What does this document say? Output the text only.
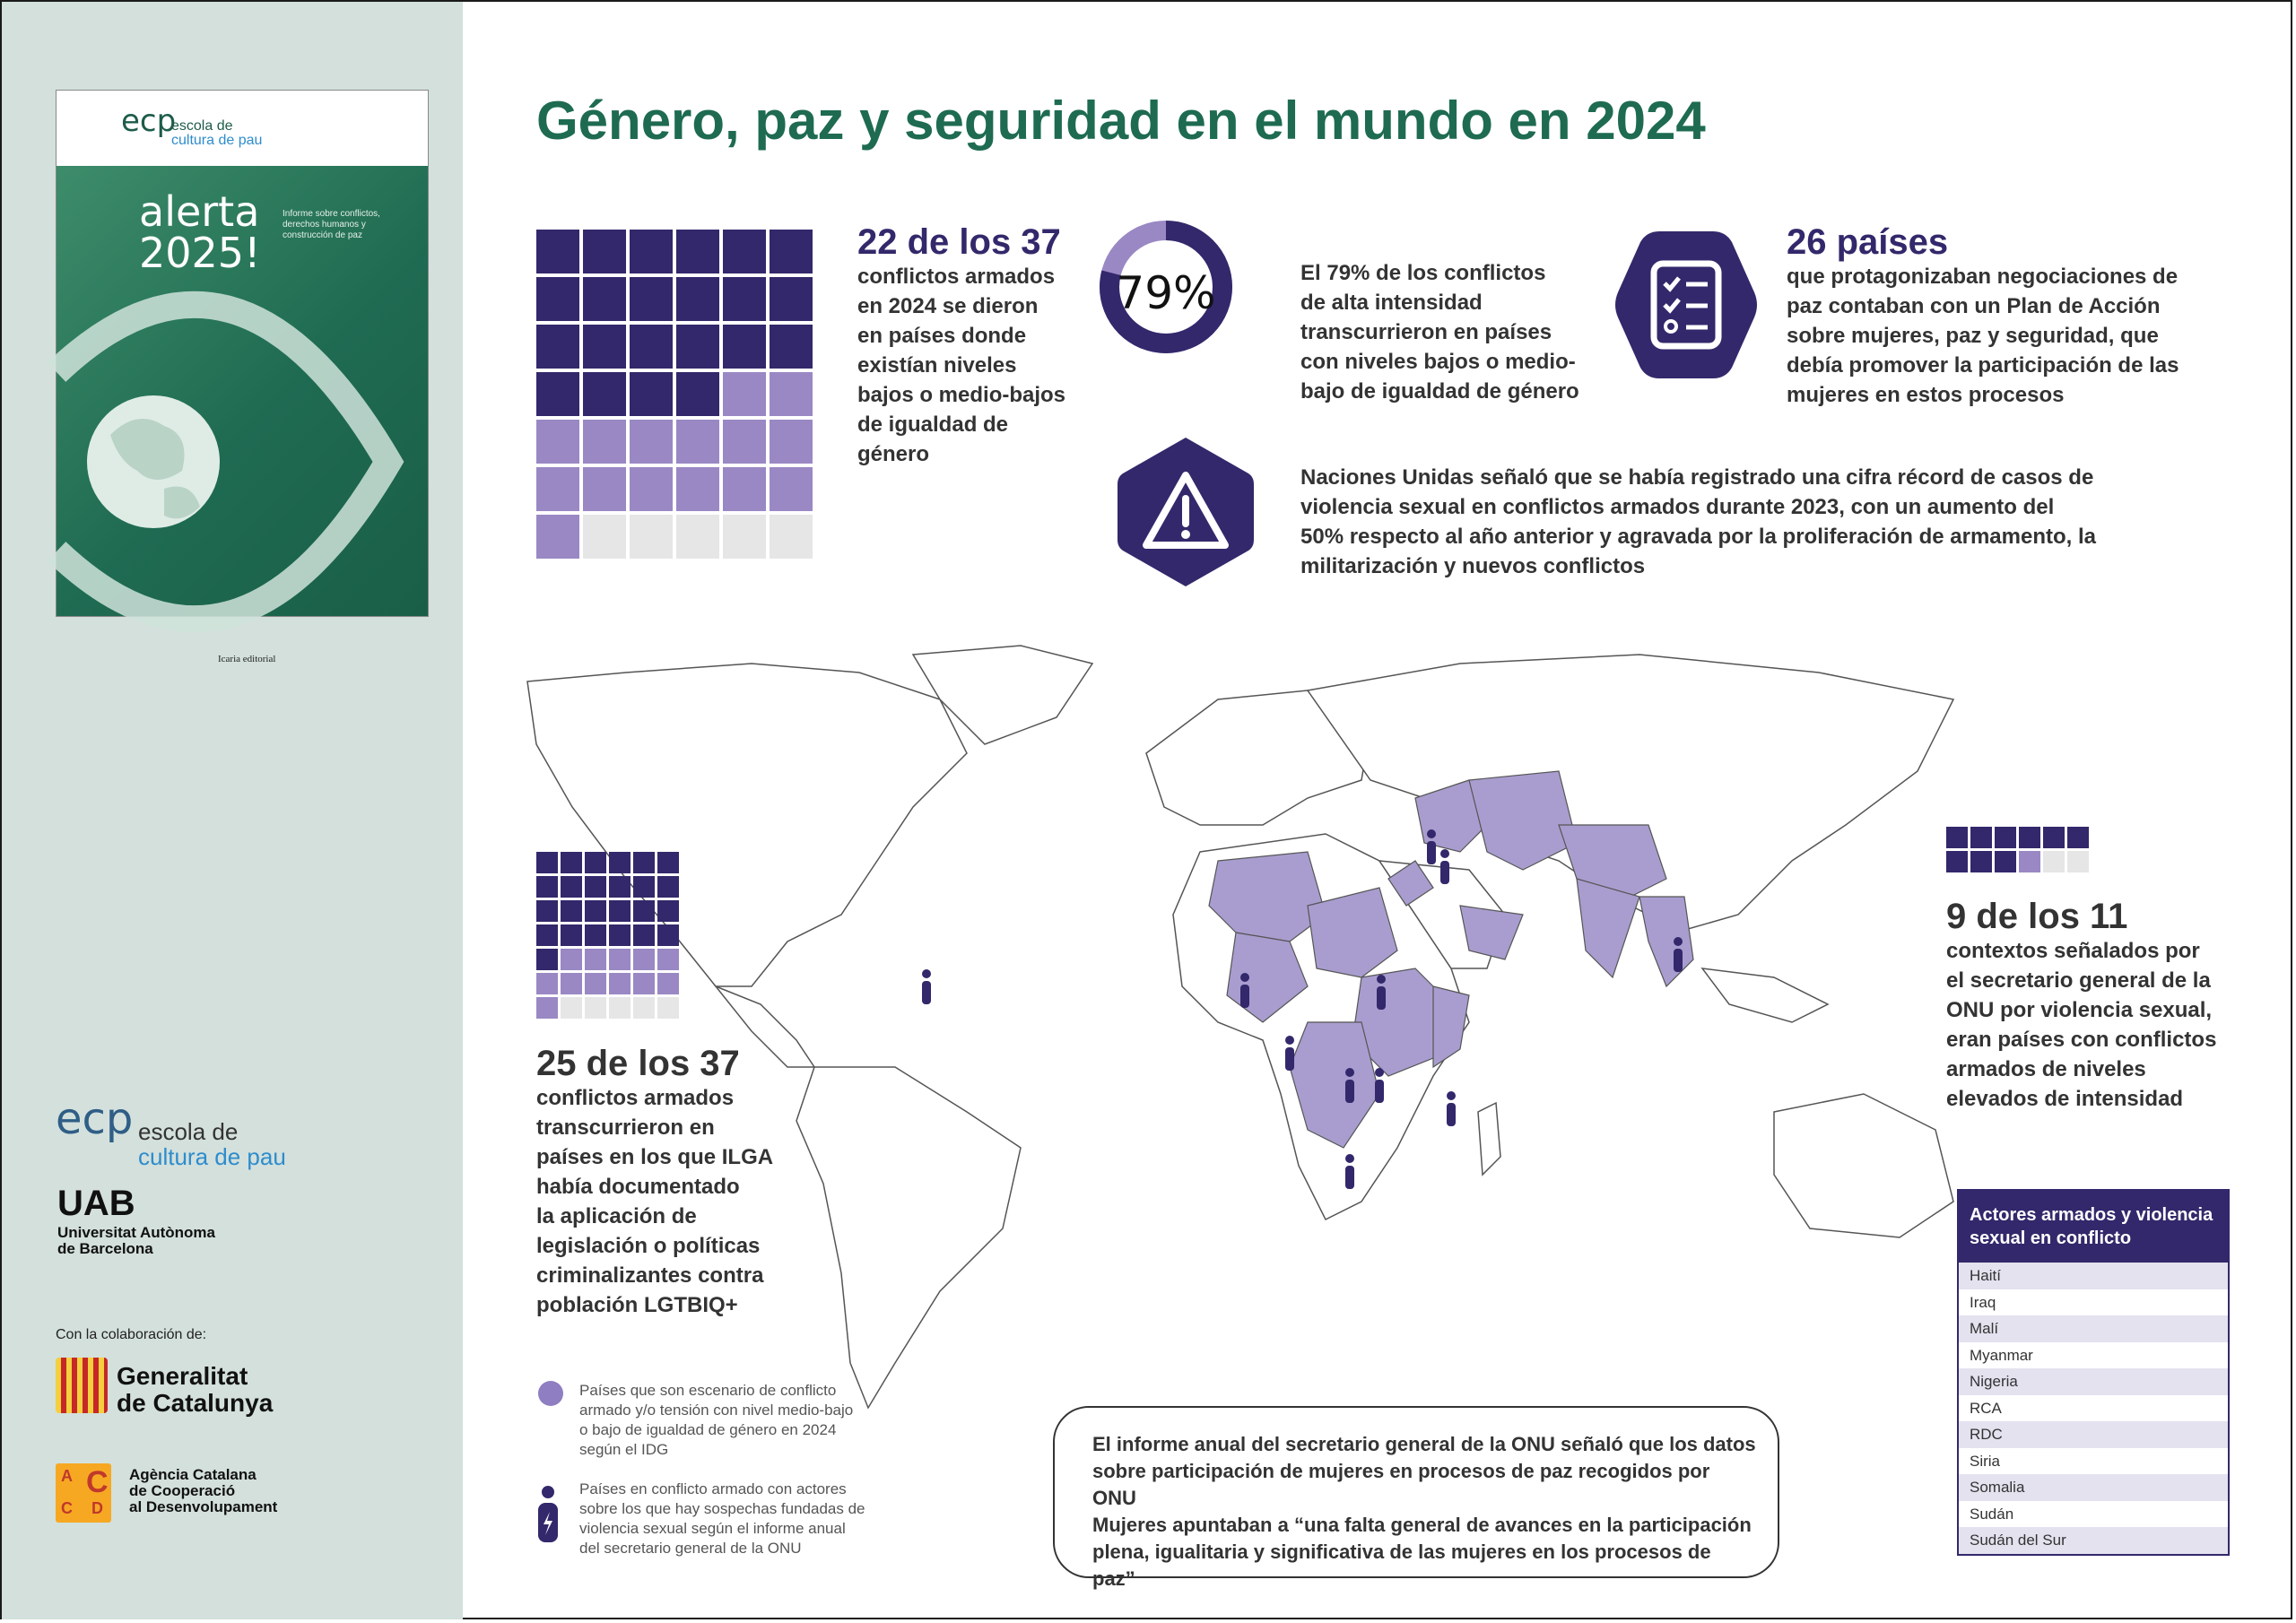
ecp
escola de
cultura de pau
alerta
2025!
Informe sobre conflictos, derechos humanos y construcción de paz
Icaria editorial
ecp escola de
cultura de pau
UAB
Universitat Autònoma
de Barcelona
Con la colaboración de:
Generalitat
de Catalunya
A C
C D
Agència Catalana
de Cooperació
al Desenvolupament
Género, paz y seguridad en el mundo en 2024
22 de los 37
conflictos armados
en 2024 se dieron
en países donde
existían niveles
bajos o medio-bajos
de igualdad de
género
79%	El 79% de los conflictos
de alta intensidad
transcurrieron en países
con niveles bajos o medio-
bajo de igualdad de género
26 países
que protagonizaban negociaciones de
paz contaban con un Plan de Acción
sobre mujeres, paz y seguridad, que
debía promover la participación de las
mujeres en estos procesos
Naciones Unidas señaló que se había registrado una cifra récord de casos de
violencia sexual en conflictos armados durante 2023, con un aumento del
50% respecto al año anterior y agravada por la proliferación de armamento, la
militarización y nuevos conflictos
25 de los 37
conflictos armados
transcurrieron en
países en los que ILGA
había documentado
la aplicación de
legislación o políticas
criminalizantes contra
población LGTBIQ+
Países que son escenario de conflicto armado y/o tensión con nivel medio-bajo o bajo de igualdad de género en 2024 según el IDG
Países en conflicto armado con actores sobre los que hay sospechas fundadas de violencia sexual según el informe anual del secretario general de la ONU
9 de los 11
contextos señalados por
el secretario general de la
ONU por violencia sexual,
eran países con conflictos
armados de niveles
elevados de intensidad
Actores armados y violencia sexual en conflicto
Haití
Iraq
Malí
Myanmar
Nigeria
RCA
RDC
Siria
Somalia
Sudán
Sudán del Sur
El informe anual del secretario general de la ONU señaló que los datos
sobre participación de mujeres en procesos de paz recogidos por ONU
Mujeres apuntaban a “una falta general de avances en la participación
plena, igualitaria y significativa de las mujeres en los procesos de paz”
